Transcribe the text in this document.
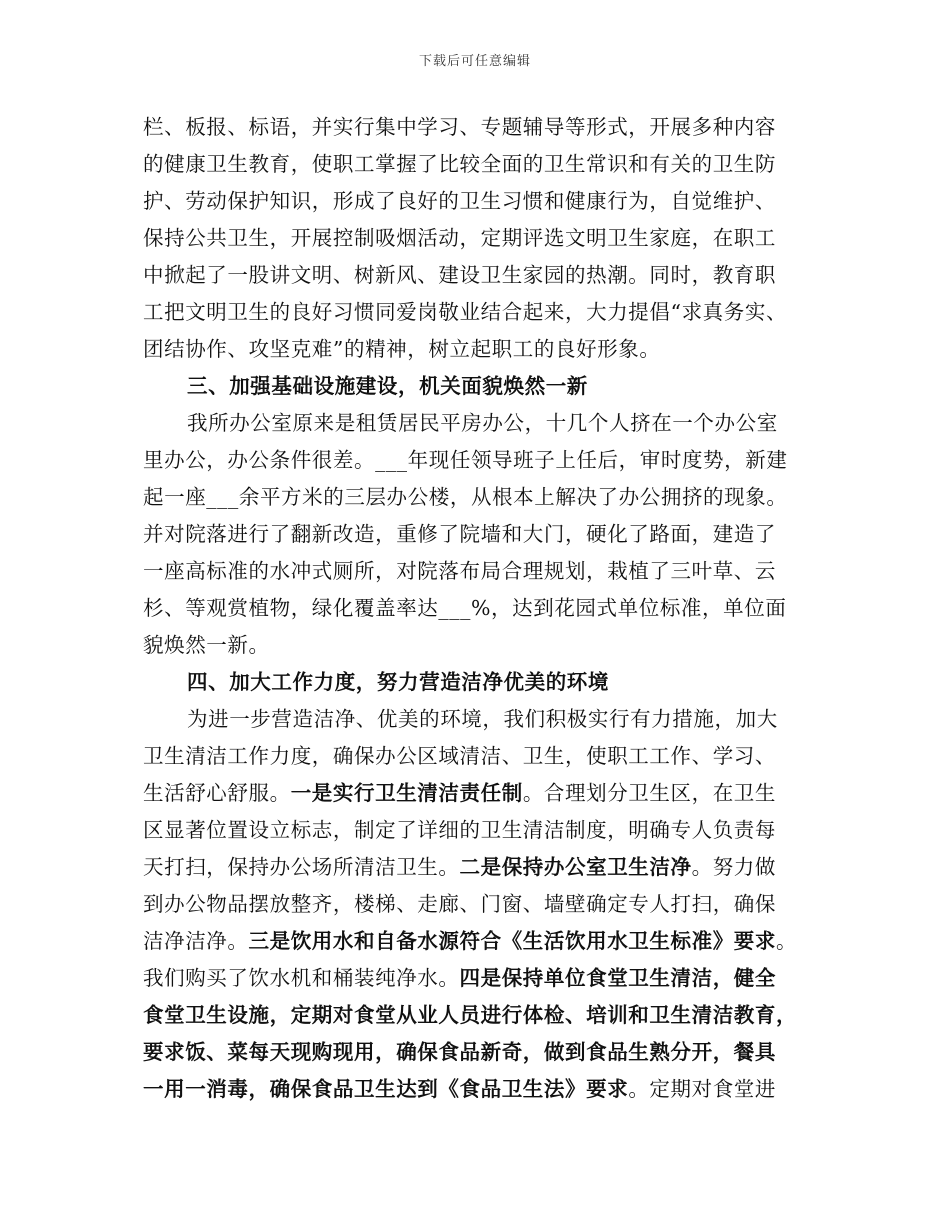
下载后可任意编辑
栏、板报、标语，并实行集中学习、专题辅导等形式，开展多种内容
的健康卫生教育，使职工掌握了比较全面的卫生常识和有关的卫生防
护、劳动保护知识，形成了良好的卫生习惯和健康行为，自觉维护、
保持公共卫生，开展控制吸烟活动，定期评选文明卫生家庭，在职工
中掀起了一股讲文明、树新风、建设卫生家园的热潮。同时，教育职
工把文明卫生的良好习惯同爱岗敬业结合起来，大力提倡“求真务实、
团结协作、攻坚克难”的精神，树立起职工的良好形象。
三、加强基础设施建设，机关面貌焕然一新
我所办公室原来是租赁居民平房办公，十几个人挤在一个办公室
里办公，办公条件很差。___年现任领导班子上任后，审时度势，新建
起一座___余平方米的三层办公楼，从根本上解决了办公拥挤的现象。
并对院落进行了翻新改造，重修了院墙和大门，硬化了路面，建造了
一座高标准的水冲式厕所，对院落布局合理规划，栽植了三叶草、云
杉、等观赏植物，绿化覆盖率达___%，达到花园式单位标准，单位面
貌焕然一新。
四、加大工作力度，努力营造洁净优美的环境
为进一步营造洁净、优美的环境，我们积极实行有力措施，加大
卫生清洁工作力度，确保办公区域清洁、卫生，使职工工作、学习、
生活舒心舒服。一是实行卫生清洁责任制。合理划分卫生区，在卫生
区显著位置设立标志，制定了详细的卫生清洁制度，明确专人负责每
天打扫，保持办公场所清洁卫生。二是保持办公室卫生洁净。努力做
到办公物品摆放整齐，楼梯、走廊、门窗、墙壁确定专人打扫，确保
洁净洁净。三是饮用水和自备水源符合《生活饮用水卫生标准》要求。
我们购买了饮水机和桶装纯净水。四是保持单位食堂卫生清洁，健全
食堂卫生设施，定期对食堂从业人员进行体检、培训和卫生清洁教育，
要求饭、菜每天现购现用，确保食品新奇，做到食品生熟分开，餐具
一用一消毒，确保食品卫生达到《食品卫生法》要求。定期对食堂进
